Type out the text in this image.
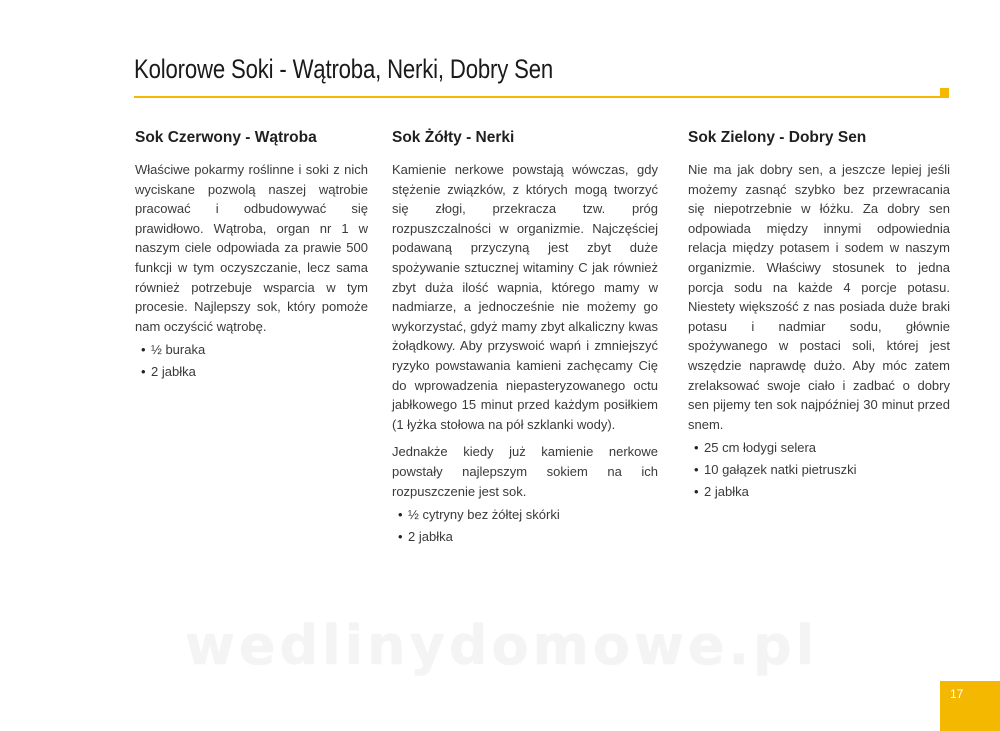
Kolorowe Soki - Wątroba, Nerki, Dobry Sen
Sok Czerwony - Wątroba

Właściwe pokarmy roślinne i soki z nich wyciskane pozwolą naszej wątrobie pracować i odbudowywać się prawidłowo. Wątroba, organ nr 1 w naszym ciele odpowiada za prawie 500 funkcji w tym oczyszczanie, lecz sama również potrzebuje wsparcia w tym procesie. Najlepszy sok, który pomoże nam oczyścić wątrobę.

• ½ buraka
• 2 jabłka
Sok Żółty - Nerki

Kamienie nerkowe powstają wówczas, gdy stężenie związków, z których mogą tworzyć się złogi, przekracza tzw. próg rozpuszczalności w organizmie. Najczęściej podawaną przyczyną jest zbyt duże spożywanie sztucznej witaminy C jak również zbyt duża ilość wapnia, którego mamy w nadmiarze, a jednocześnie nie możemy go wykorzystać, gdyż mamy zbyt alkaliczny kwas żołądkowy. Aby przyswoić wapń i zmniejszyć ryzyko powstawania kamieni zachęcamy Cię do wprowadzenia niepasteryzowanego octu jabłkowego 15 minut przed każdym posiłkiem (1 łyżka stołowa na pół szklanki wody).

Jednakże kiedy już kamienie nerkowe powstały najlepszym sokiem na ich rozpuszczenie jest sok.

• ½ cytryny bez żółtej skórki
• 2 jabłka
Sok Zielony - Dobry Sen

Nie ma jak dobry sen, a jeszcze lepiej jeśli możemy zasnąć szybko bez przewracania się niepotrzebnie w łóżku. Za dobry sen odpowiada między innymi odpowiednia relacja między potasem i sodem w naszym organizmie. Właściwy stosunek to jedna porcja sodu na każde 4 porcje potasu. Niestety większość z nas posiada duże braki potasu i nadmiar sodu, głównie spożywanego w postaci soli, której jest wszędzie naprawdę dużo. Aby móc zatem zrelaksować swoje ciało i zadbać o dobry sen pijemy ten sok najpóźniej 30 minut przed snem.

• 25 cm łodygi selera
• 10 gałązek natki pietruszki
• 2 jabłka
wedlinydomowe.pl
17
